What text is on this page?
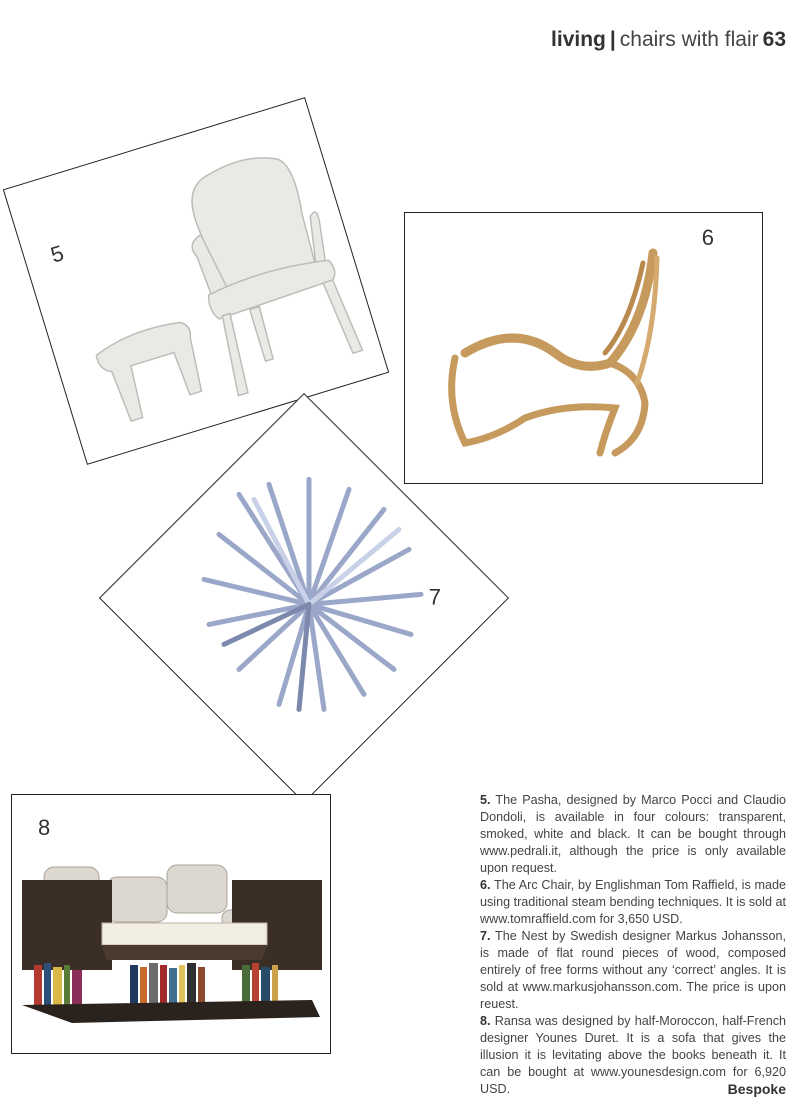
living | chairs with flair 63
5
6
7
8

5. The Pasha, designed by Marco Pocci and Claudio Dondoli, is available in four colours: transparent, smoked, white and black. It can be bought through www.pedrali.it, although the price is only available upon request.

6. The Arc Chair, by Englishman Tom Raffield, is made using traditional steam bending techniques. It is sold at www.tomraffield.com for 3,650 USD.

7. The Nest by Swedish designer Markus Johansson, is made of flat round pieces of wood, composed entirely of free forms without any ‘correct’ angles. It is sold at www.markusjohansson.com. The price is upon reuest.

8. Ransa was designed by half-Moroccon, half-French designer Younes Duret. It is a sofa that gives the illusion it is levitating above the books beneath it. It can be bought at www.younesdesign.com for 6,920 USD.	Bespoke
